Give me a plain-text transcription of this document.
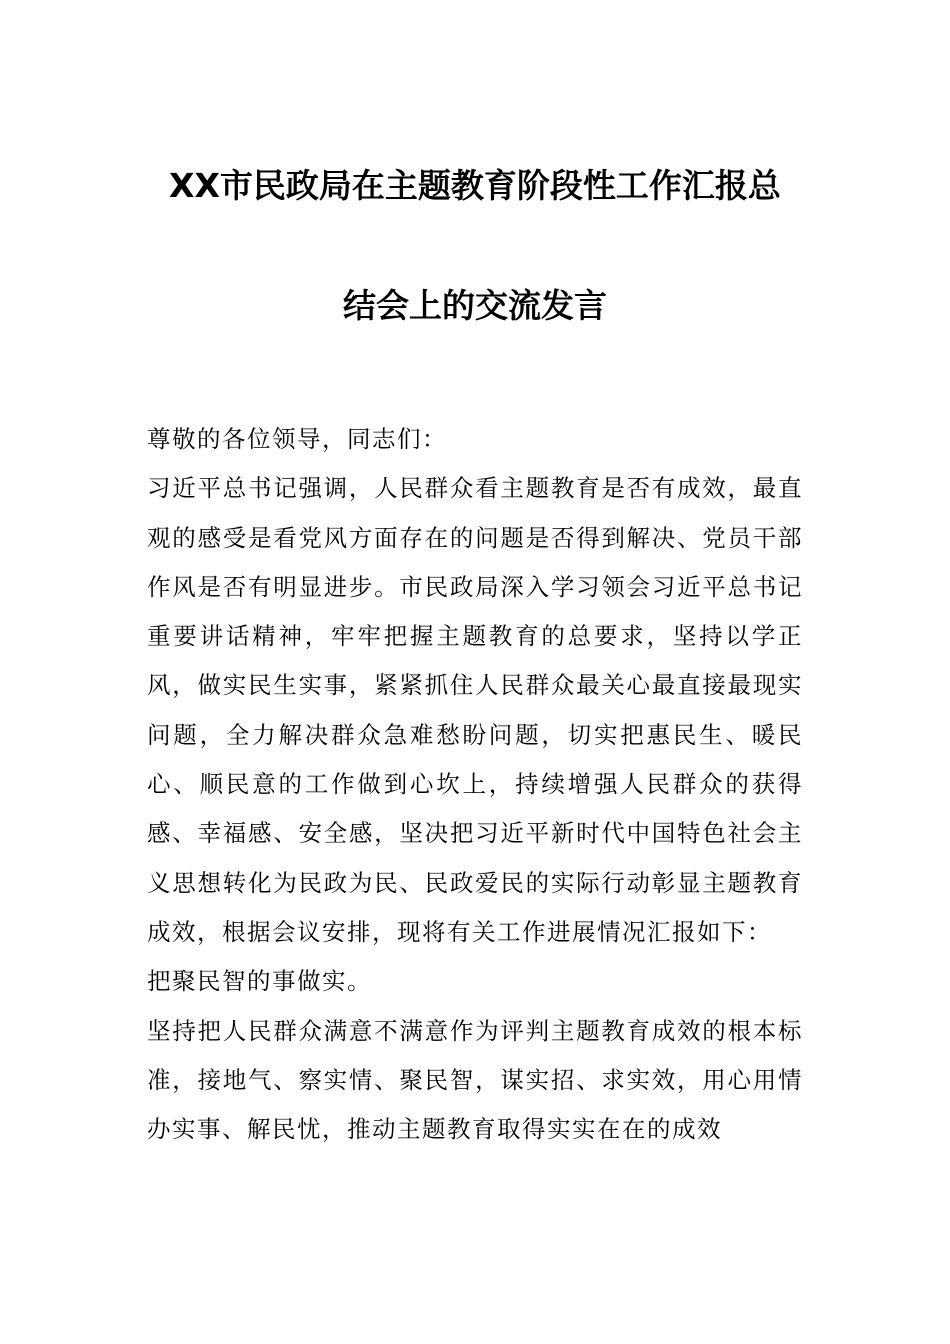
XX市民政局在主题教育阶段性工作汇报总
结会上的交流发言

尊敬的各位领导，同志们：

习近平总书记强调，人民群众看主题教育是否有成效，最直观的感受是看党风方面存在的问题是否得到解决、党员干部作风是否有明显进步。市民政局深入学习领会习近平总书记重要讲话精神，牢牢把握主题教育的总要求，坚持以学正风，做实民生实事，紧紧抓住人民群众最关心最直接最现实问题，全力解决群众急难愁盼问题，切实把惠民生、暖民心、顺民意的工作做到心坎上，持续增强人民群众的获得感、幸福感、安全感，坚决把习近平新时代中国特色社会主义思想转化为民政为民、民政爱民的实际行动彰显主题教育成效，根据会议安排，现将有关工作进展情况汇报如下：

把聚民智的事做实。

坚持把人民群众满意不满意作为评判主题教育成效的根本标准，接地气、察实情、聚民智，谋实招、求实效，用心用情办实事、解民忧，推动主题教育取得实实在在的成效
